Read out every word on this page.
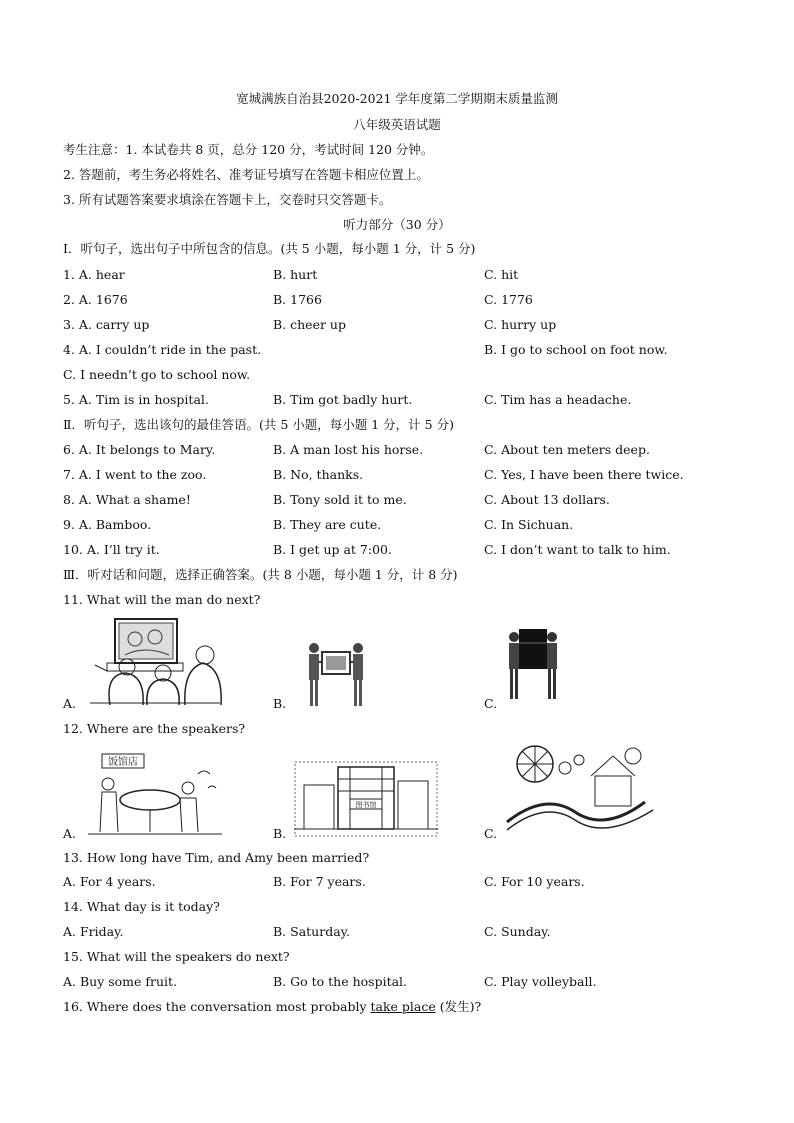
宽城满族自治县2020-2021 学年度第二学期期末质量监测
八年级英语试题
考生注意：1. 本试卷共 8 页，总分 120 分，考试时间 120 分钟。
2. 答题前，考生务必将姓名、准考证号填写在答题卡相应位置上。
3. 所有试题答案要求填涂在答题卡上，交卷时只交答题卡。
听力部分（30 分）
Ⅰ．听句子，选出句子中所包含的信息。(共 5 小题，每小题 1 分，计 5 分)
1. A. hear	B. hurt	C. hit
2. A. 1676	B. 1766	C. 1776
3. A. carry up	B. cheer up	C. hurry up
4. A. I couldn’t ride in the past.	B. I go to school on foot now.
C. I needn’t go to school now.
5. A. Tim is in hospital.	B. Tim got badly hurt.	C. Tim has a headache.
Ⅱ．听句子，选出该句的最佳答语。(共 5 小题，每小题 1 分，计 5 分)
6. A. It belongs to Mary.	B. A man lost his horse.	C. About ten meters deep.
7. A. I went to the zoo.	B. No, thanks.	C. Yes, I have been there twice.
8. A. What a shame!	B. Tony sold it to me.	C. About 13 dollars.
9. A. Bamboo.	B. They are cute.	C. In Sichuan.
10. A. I’ll try it.	B. I get up at 7:00.	C. I don’t want to talk to him.
Ⅲ．听对话和问题，选择正确答案。(共 8 小题，每小题 1 分，计 8 分)
11. What will the man do next?
A.	B.	C.
12. Where are the speakers?
饭馆店
A.
图书馆
B.	C.
13. How long have Tim, and Amy been married?
A. For 4 years.	B. For 7 years.	C. For 10 years.
14. What day is it today?
A. Friday.	B. Saturday.	C. Sunday.
15. What will the speakers do next?
A. Buy some fruit.	B. Go to the hospital.	C. Play volleyball.
16. Where does the conversation most probably take place (发生)?
